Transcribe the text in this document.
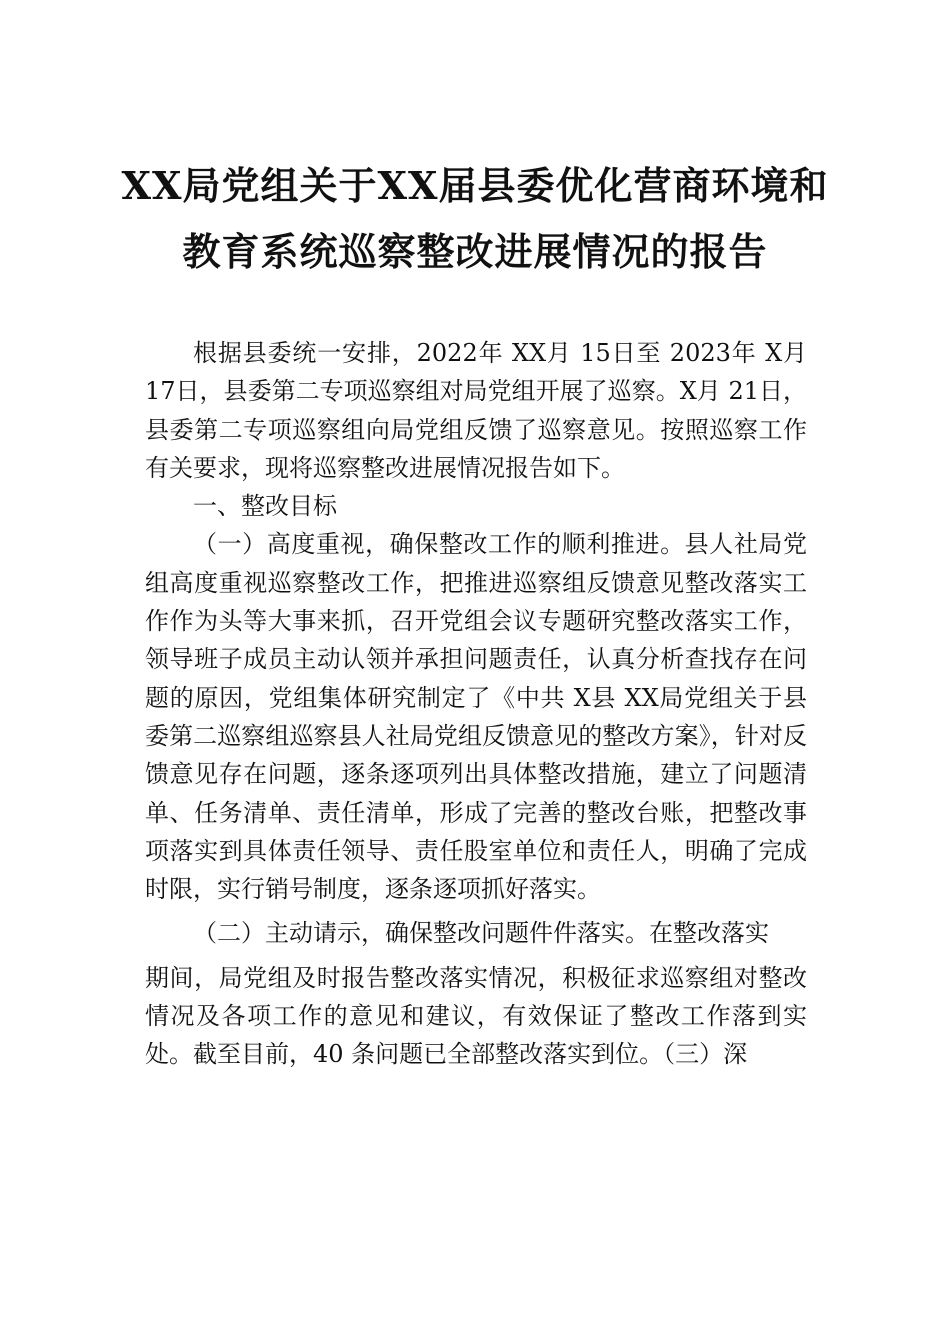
XX局党组关于XX届县委优化营商环境和
教育系统巡察整改进展情况的报告

根据县委统一安排，2022年 XX月 15日至 2023年 X月 17日，县委第二专项巡察组对局党组开展了巡察。X月 21日，县委第二专项巡察组向局党组反馈了巡察意见。按照巡察工作有关要求，现将巡察整改进展情况报告如下。

一、整改目标

（一）高度重视，确保整改工作的顺利推进。县人社局党组高度重视巡察整改工作，把推进巡察组反馈意见整改落实工作作为头等大事来抓，召开党组会议专题研究整改落实工作，领导班子成员主动认领并承担问题责任，认真分析查找存在问题的原因，党组集体研究制定了《中共 X县 XX局党组关于县委第二巡察组巡察县人社局党组反馈意见的整改方案》，针对反馈意见存在问题，逐条逐项列出具体整改措施，建立了问题清单、任务清单、责任清单，形成了完善的整改台账，把整改事项落实到具体责任领导、责任股室单位和责任人，明确了完成时限，实行销号制度，逐条逐项抓好落实。

（二）主动请示，确保整改问题件件落实。在整改落实

期间，局党组及时报告整改落实情况，积极征求巡察组对整改情况及各项工作的意见和建议，有效保证了整改工作落到实处。截至目前，40 条问题已全部整改落实到位。（三）深
